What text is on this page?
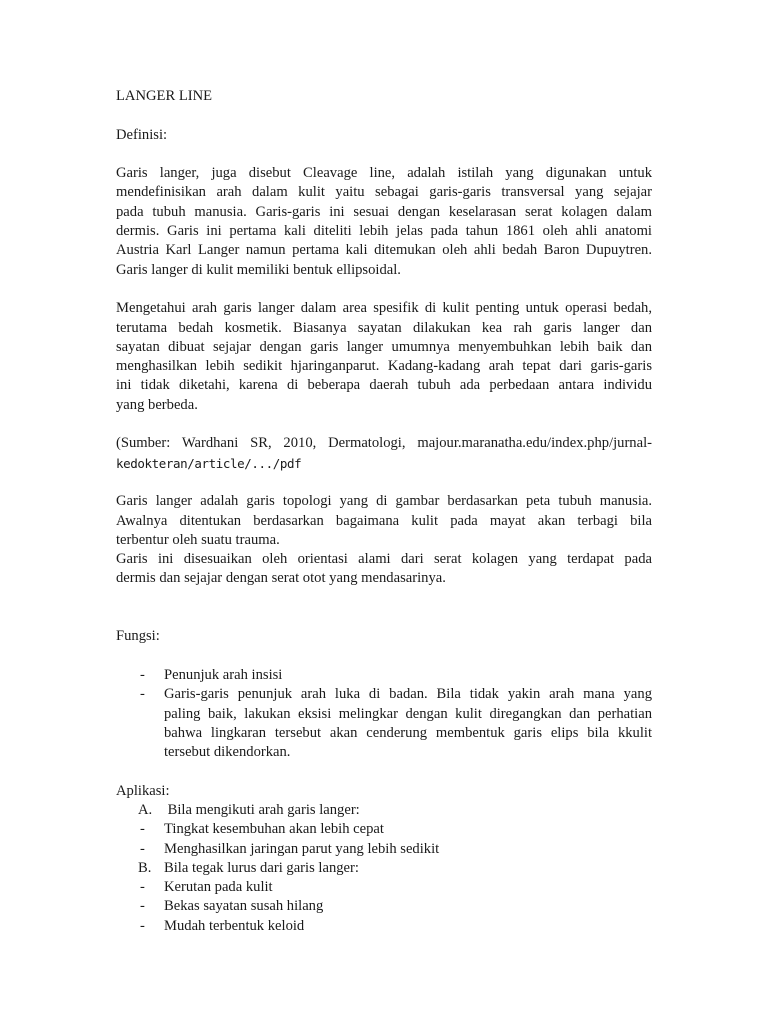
LANGER LINE
Definisi:
Garis langer, juga disebut Cleavage line, adalah istilah yang digunakan untuk
mendefinisikan arah dalam kulit yaitu sebagai garis-garis transversal yang sejajar
pada tubuh manusia. Garis-garis ini sesuai dengan keselarasan serat kolagen dalam
dermis. Garis ini pertama kali diteliti lebih jelas pada tahun 1861 oleh ahli anatomi
Austria Karl Langer namun pertama kali ditemukan oleh ahli bedah Baron Dupuytren.
Garis langer di kulit memiliki bentuk ellipsoidal.
Mengetahui arah garis langer dalam area spesifik di kulit penting untuk operasi bedah,
terutama bedah kosmetik. Biasanya sayatan dilakukan kea rah garis langer dan
sayatan dibuat sejajar dengan garis langer umumnya menyembuhkan lebih baik dan
menghasilkan lebih sedikit hjaringanparut. Kadang-kadang arah tepat dari garis-garis
ini tidak diketahi, karena di beberapa daerah tubuh ada perbedaan antara individu
yang berbeda.
(Sumber: Wardhani SR, 2010, Dermatologi, majour.maranatha.edu/index.php/jurnal-
kedokteran/article/.../pdf
Garis langer adalah garis topologi yang di gambar berdasarkan peta tubuh manusia.
Awalnya ditentukan berdasarkan bagaimana kulit pada mayat akan terbagi bila
terbentur oleh suatu trauma.
Garis ini disesuaikan oleh orientasi alami dari serat kolagen yang terdapat pada
dermis dan sejajar dengan serat otot yang mendasarinya.
Fungsi:
- Penunjuk arah insisi
- Garis-garis penunjuk arah luka di badan. Bila tidak yakin arah mana yang
paling baik, lakukan eksisi melingkar dengan kulit diregangkan dan perhatian
bahwa lingkaran tersebut akan cenderung membentuk garis elips bila kkulit
tersebut dikendorkan.
Aplikasi:
A. Bila mengikuti arah garis langer:
- Tingkat kesembuhan akan lebih cepat
- Menghasilkan jaringan parut yang lebih sedikit
B. Bila tegak lurus dari garis langer:
- Kerutan pada kulit
- Bekas sayatan susah hilang
- Mudah terbentuk keloid
